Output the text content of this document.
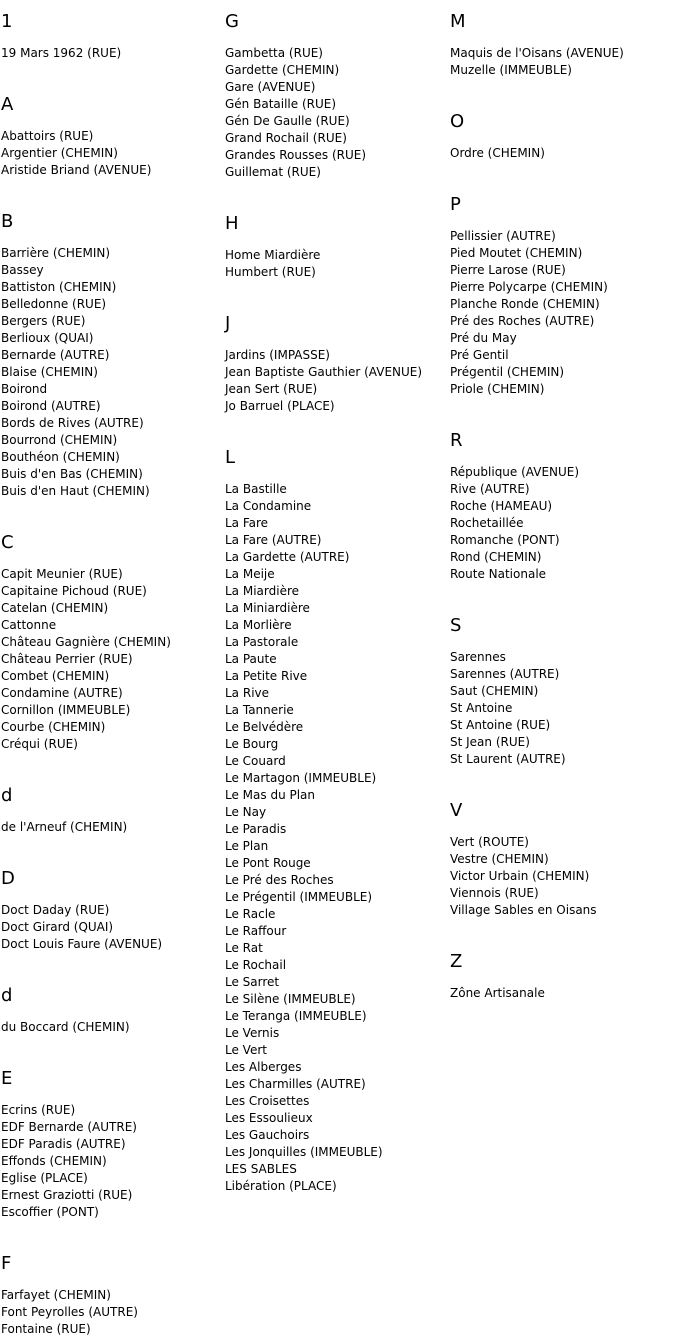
1
19 Mars 1962 (RUE)
A
Abattoirs (RUE)
Argentier (CHEMIN)
Aristide Briand (AVENUE)
B
Barrière (CHEMIN)
Bassey
Battiston (CHEMIN)
Belledonne (RUE)
Bergers (RUE)
Berlioux (QUAI)
Bernarde (AUTRE)
Blaise (CHEMIN)
Boirond
Boirond (AUTRE)
Bords de Rives (AUTRE)
Bourrond (CHEMIN)
Bouthéon (CHEMIN)
Buis d'en Bas (CHEMIN)
Buis d'en Haut (CHEMIN)
C
Capit Meunier (RUE)
Capitaine Pichoud (RUE)
Catelan (CHEMIN)
Cattonne
Château Gagnière (CHEMIN)
Château Perrier (RUE)
Combet (CHEMIN)
Condamine (AUTRE)
Cornillon (IMMEUBLE)
Courbe (CHEMIN)
Créqui (RUE)
d
de l'Arneuf (CHEMIN)
D
Doct Daday (RUE)
Doct Girard (QUAI)
Doct Louis Faure (AVENUE)
d
du Boccard (CHEMIN)
E
Ecrins (RUE)
EDF Bernarde (AUTRE)
EDF Paradis (AUTRE)
Effonds (CHEMIN)
Eglise (PLACE)
Ernest Graziotti (RUE)
Escoffier (PONT)
F
Farfayet (CHEMIN)
Font Peyrolles (AUTRE)
Fontaine (RUE)
G
Gambetta (RUE)
Gardette (CHEMIN)
Gare (AVENUE)
Gén Bataille (RUE)
Gén De Gaulle (RUE)
Grand Rochail (RUE)
Grandes Rousses (RUE)
Guillemat (RUE)
H
Home Miardière
Humbert (RUE)
J
Jardins (IMPASSE)
Jean Baptiste Gauthier (AVENUE)
Jean Sert (RUE)
Jo Barruel (PLACE)
L
La Bastille
La Condamine
La Fare
La Fare (AUTRE)
La Gardette (AUTRE)
La Meije
La Miardière
La Miniardière
La Morlière
La Pastorale
La Paute
La Petite Rive
La Rive
La Tannerie
Le Belvédère
Le Bourg
Le Couard
Le Martagon (IMMEUBLE)
Le Mas du Plan
Le Nay
Le Paradis
Le Plan
Le Pont Rouge
Le Pré des Roches
Le Prégentil (IMMEUBLE)
Le Racle
Le Raffour
Le Rat
Le Rochail
Le Sarret
Le Silène (IMMEUBLE)
Le Teranga (IMMEUBLE)
Le Vernis
Le Vert
Les Alberges
Les Charmilles (AUTRE)
Les Croisettes
Les Essoulieux
Les Gauchoirs
Les Jonquilles (IMMEUBLE)
LES SABLES
Libération (PLACE)
M
Maquis de l'Oisans (AVENUE)
Muzelle (IMMEUBLE)
O
Ordre (CHEMIN)
P
Pellissier (AUTRE)
Pied Moutet (CHEMIN)
Pierre Larose (RUE)
Pierre Polycarpe (CHEMIN)
Planche Ronde (CHEMIN)
Pré des Roches (AUTRE)
Pré du May
Pré Gentil
Prégentil (CHEMIN)
Priole (CHEMIN)
R
République (AVENUE)
Rive (AUTRE)
Roche (HAMEAU)
Rochetaillée
Romanche (PONT)
Rond (CHEMIN)
Route Nationale
S
Sarennes
Sarennes (AUTRE)
Saut (CHEMIN)
St Antoine
St Antoine (RUE)
St Jean (RUE)
St Laurent (AUTRE)
V
Vert (ROUTE)
Vestre (CHEMIN)
Victor Urbain (CHEMIN)
Viennois (RUE)
Village Sables en Oisans
Z
Zône Artisanale
